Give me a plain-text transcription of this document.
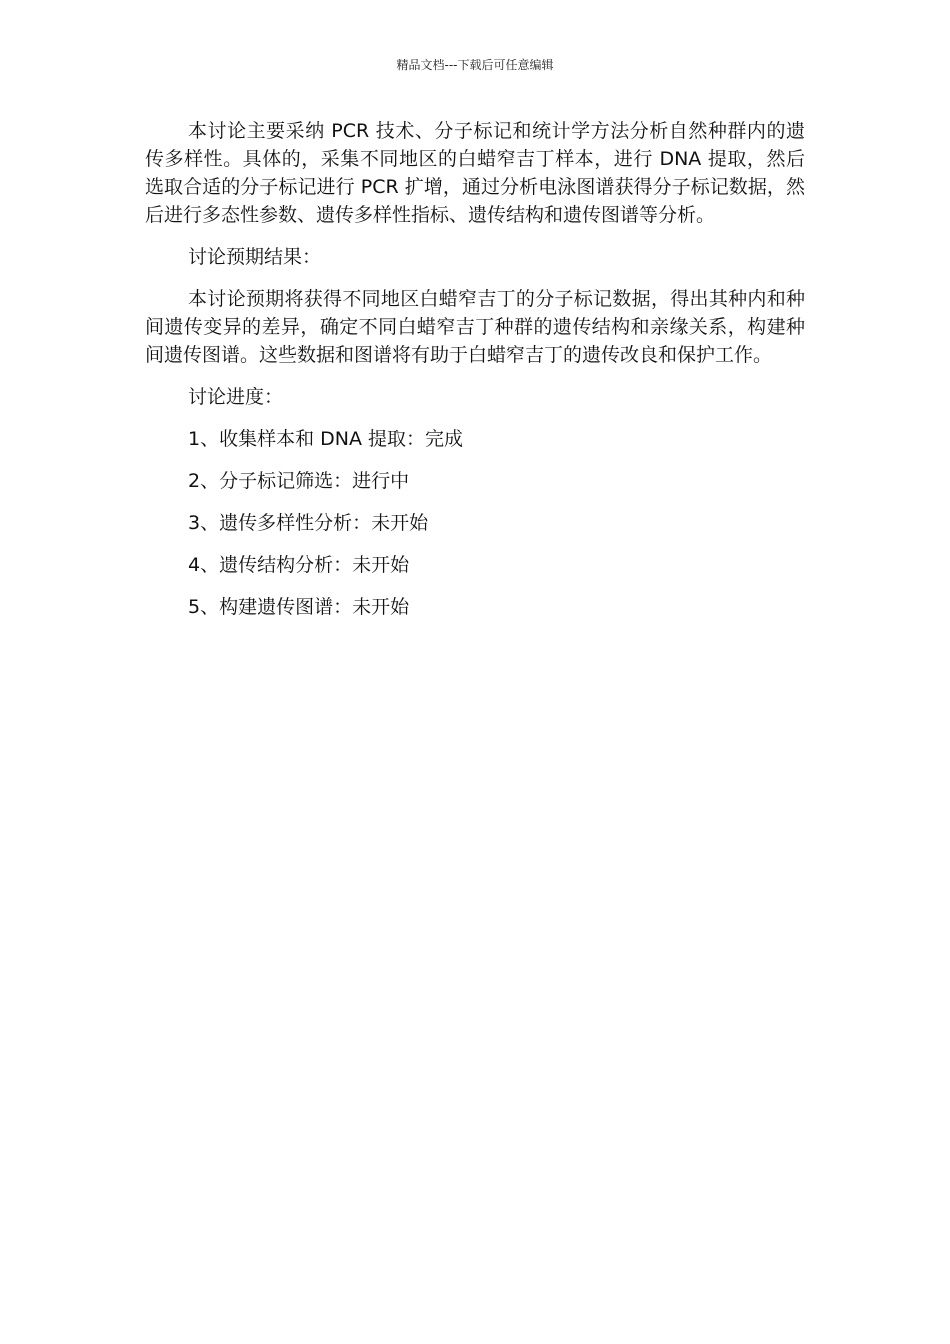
精品文档---下载后可任意编辑

本讨论主要采纳 PCR 技术、分子标记和统计学方法分析自然种群内的遗传多样性。具体的，采集不同地区的白蜡窄吉丁样本，进行 DNA 提取，然后选取合适的分子标记进行 PCR 扩增，通过分析电泳图谱获得分子标记数据，然后进行多态性参数、遗传多样性指标、遗传结构和遗传图谱等分析。

讨论预期结果：

本讨论预期将获得不同地区白蜡窄吉丁的分子标记数据，得出其种内和种间遗传变异的差异，确定不同白蜡窄吉丁种群的遗传结构和亲缘关系，构建种间遗传图谱。这些数据和图谱将有助于白蜡窄吉丁的遗传改良和保护工作。

讨论进度：

1、收集样本和 DNA 提取：完成

2、分子标记筛选：进行中

3、遗传多样性分析：未开始

4、遗传结构分析：未开始

5、构建遗传图谱：未开始
